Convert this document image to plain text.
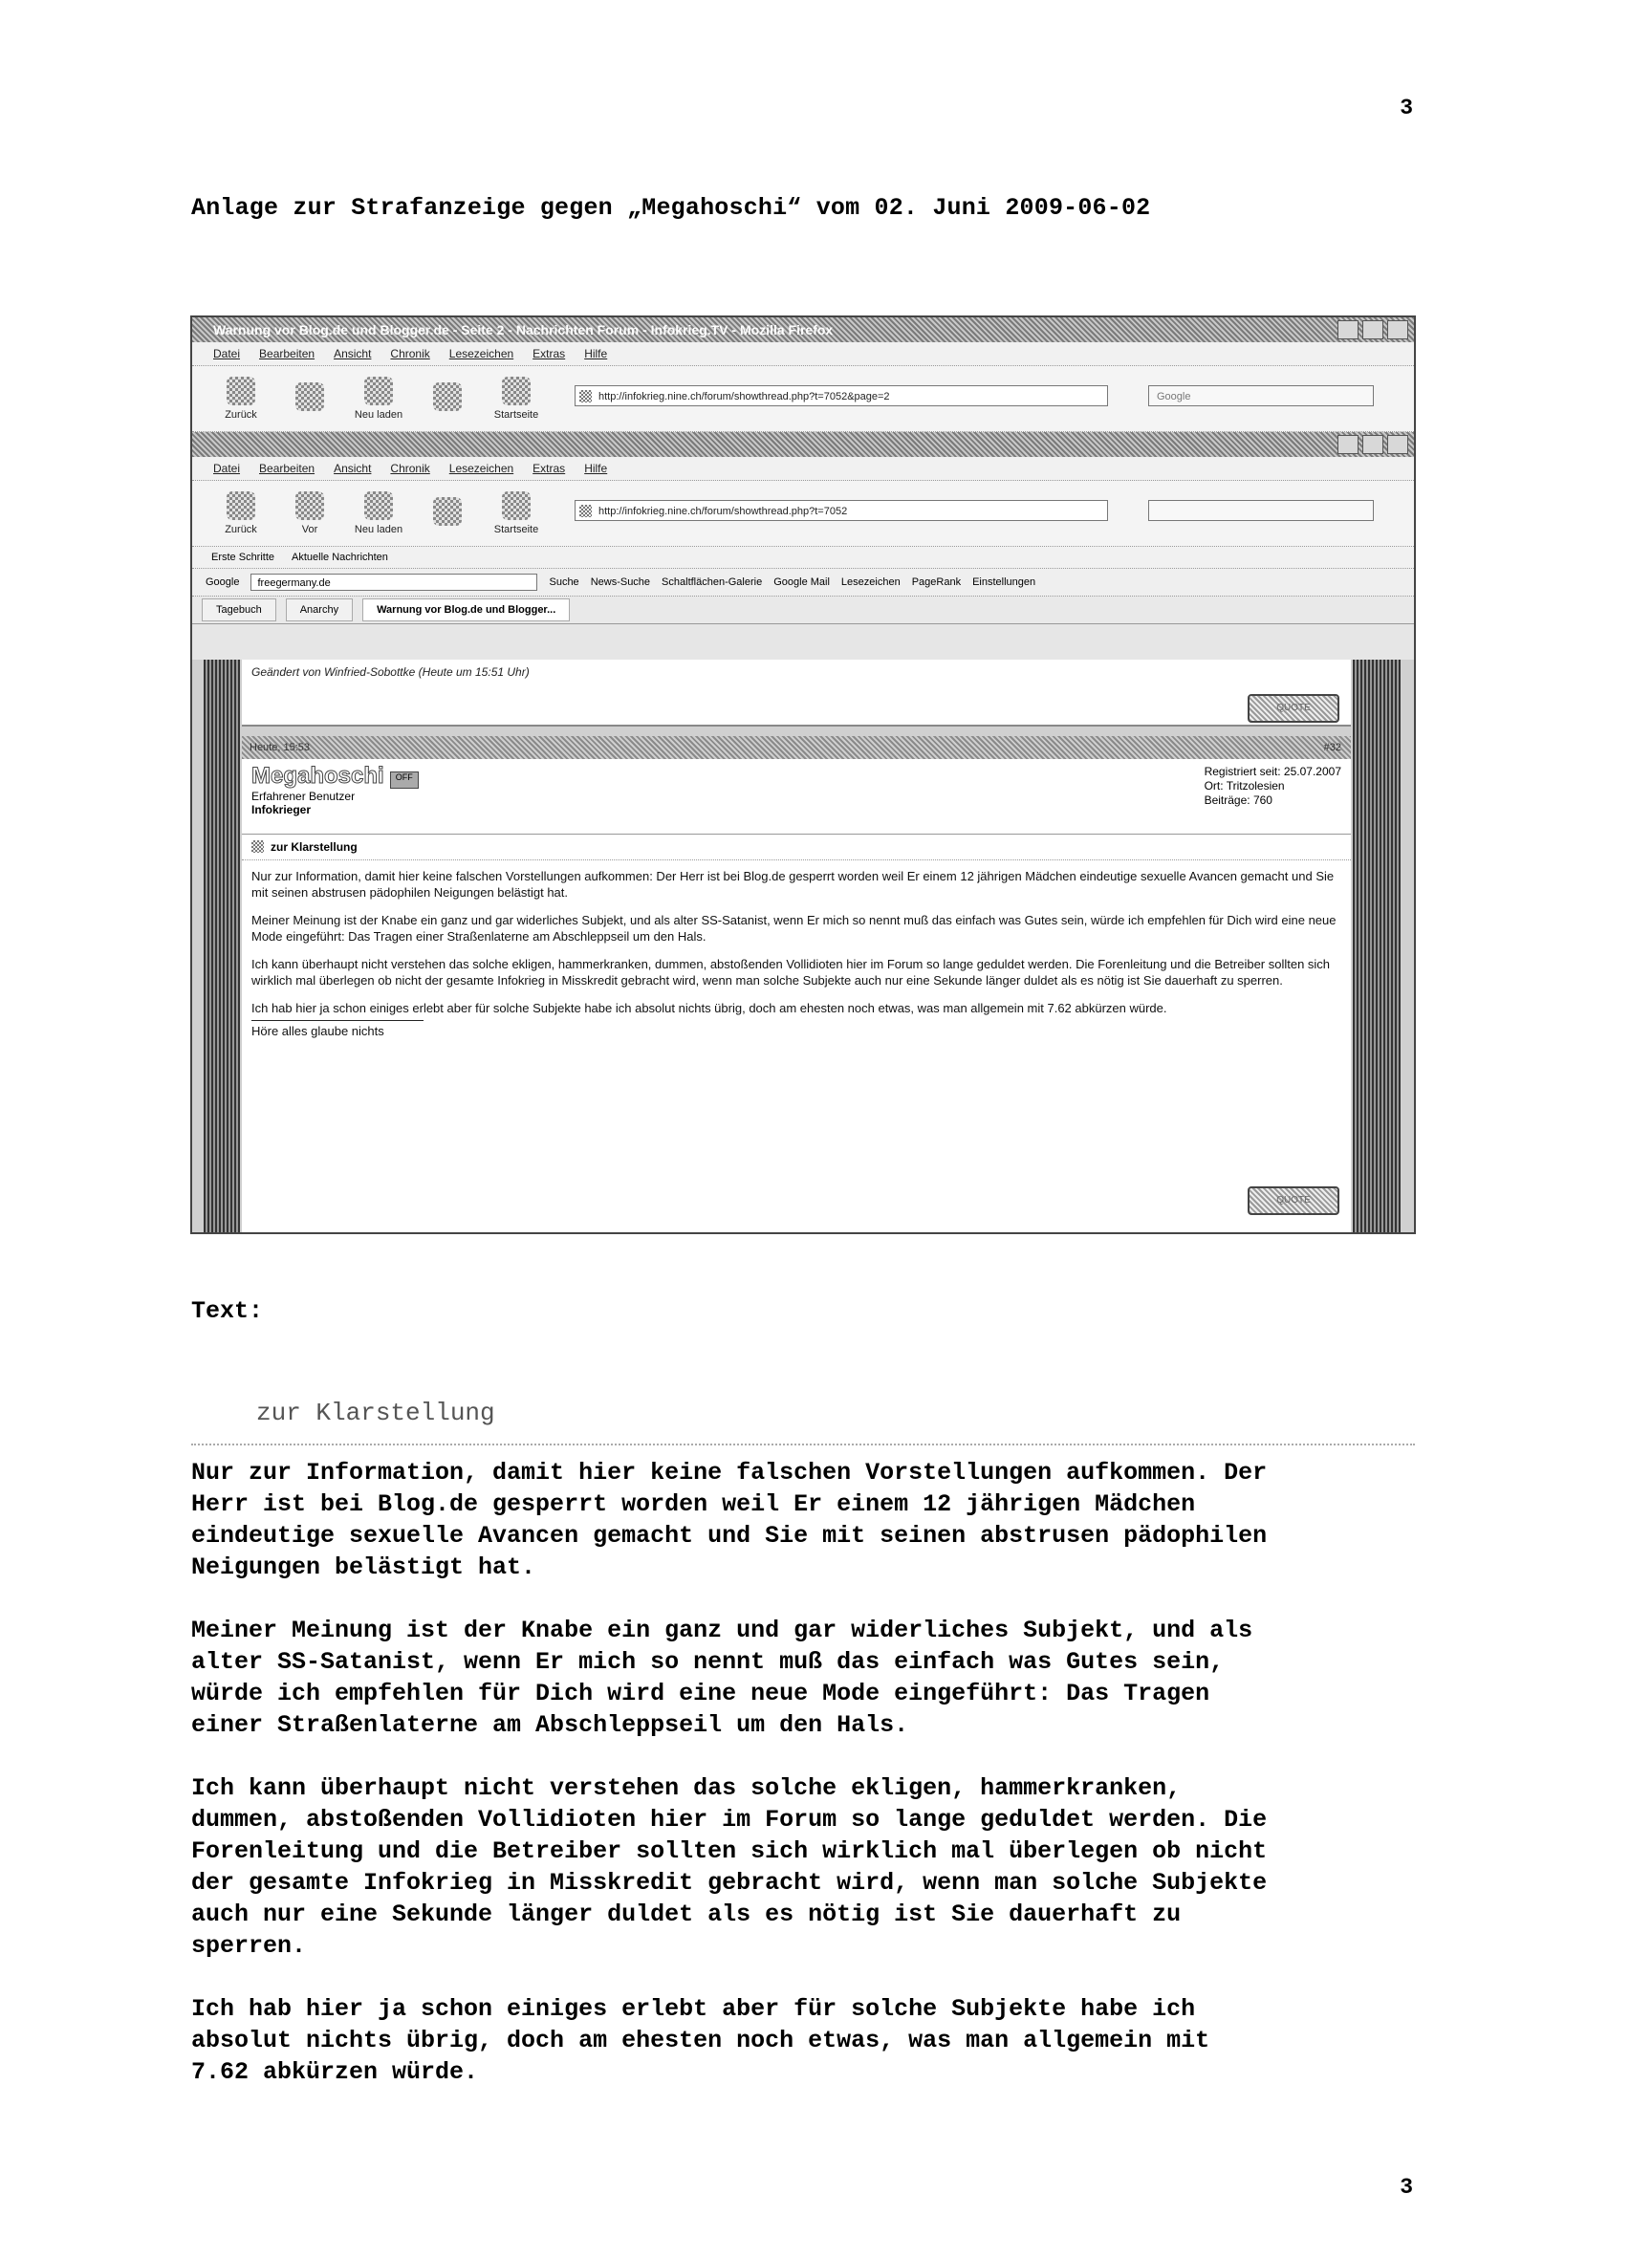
3
Anlage zur Strafanzeige gegen „Megahoschi“ vom 02. Juni 2009-06-02
Warnung vor Blog.de und Blogger.de - Seite 2 - Nachrichten Forum - Infokrieg.TV - Mozilla Firefox
Datei Bearbeiten Ansicht Chronik Lesezeichen Extras Hilfe
Zurück	Neu laden	Startseite
http://infokrieg.nine.ch/forum/showthread.php?t=7052&page=2	Google
Datei Bearbeiten Ansicht Chronik Lesezeichen Extras Hilfe
Zurück	Vor	Neu laden	Startseite
http://infokrieg.nine.ch/forum/showthread.php?t=7052
Erste Schritte Aktuelle Nachrichten
Google	freegermany.de	Suche News-Suche Schaltflächen-Galerie Google Mail Lesezeichen PageRank Einstellungen
Tagebuch	Anarchy	Warnung vor Blog.de und Blogger...
Geändert von Winfried-Sobottke (Heute um 15:51 Uhr)
QUOTE
Heute, 15:53	#32
Megahoschi OFF
Erfahrener Benutzer
Infokrieger
Registriert seit: 25.07.2007
Ort: Tritzolesien
Beiträge: 760
zur Klarstellung

Nur zur Information, damit hier keine falschen Vorstellungen aufkommen: Der Herr ist bei Blog.de gesperrt worden weil Er einem 12 jährigen Mädchen eindeutige sexuelle Avancen gemacht und Sie mit seinen abstrusen pädophilen Neigungen belästigt hat.

Meiner Meinung ist der Knabe ein ganz und gar widerliches Subjekt, und als alter SS-Satanist, wenn Er mich so nennt muß das einfach was Gutes sein, würde ich empfehlen für Dich wird eine neue Mode eingeführt: Das Tragen einer Straßenlaterne am Abschleppseil um den Hals.

Ich kann überhaupt nicht verstehen das solche ekligen, hammerkranken, dummen, abstoßenden Vollidioten hier im Forum so lange geduldet werden. Die Forenleitung und die Betreiber sollten sich wirklich mal überlegen ob nicht der gesamte Infokrieg in Misskredit gebracht wird, wenn man solche Subjekte auch nur eine Sekunde länger duldet als es nötig ist Sie dauerhaft zu sperren.

Ich hab hier ja schon einiges erlebt aber für solche Subjekte habe ich absolut nichts übrig, doch am ehesten noch etwas, was man allgemein mit 7.62 abkürzen würde.

Höre alles glaube nichts
QUOTE
Text:
zur Klarstellung

Nur zur Information, damit hier keine falschen Vorstellungen aufkommen. Der
Herr ist bei Blog.de gesperrt worden weil Er einem 12 jährigen Mädchen
eindeutige sexuelle Avancen gemacht und Sie mit seinen abstrusen pädophilen
Neigungen belästigt hat.

Meiner Meinung ist der Knabe ein ganz und gar widerliches Subjekt, und als
alter SS-Satanist, wenn Er mich so nennt muß das einfach was Gutes sein,
würde ich empfehlen für Dich wird eine neue Mode eingeführt: Das Tragen
einer Straßenlaterne am Abschleppseil um den Hals.

Ich kann überhaupt nicht verstehen das solche ekligen, hammerkranken,
dummen, abstoßenden Vollidioten hier im Forum so lange geduldet werden. Die
Forenleitung und die Betreiber sollten sich wirklich mal überlegen ob nicht
der gesamte Infokrieg in Misskredit gebracht wird, wenn man solche Subjekte
auch nur eine Sekunde länger duldet als es nötig ist Sie dauerhaft zu
sperren.

Ich hab hier ja schon einiges erlebt aber für solche Subjekte habe ich
absolut nichts übrig, doch am ehesten noch etwas, was man allgemein mit
7.62 abkürzen würde.

3
